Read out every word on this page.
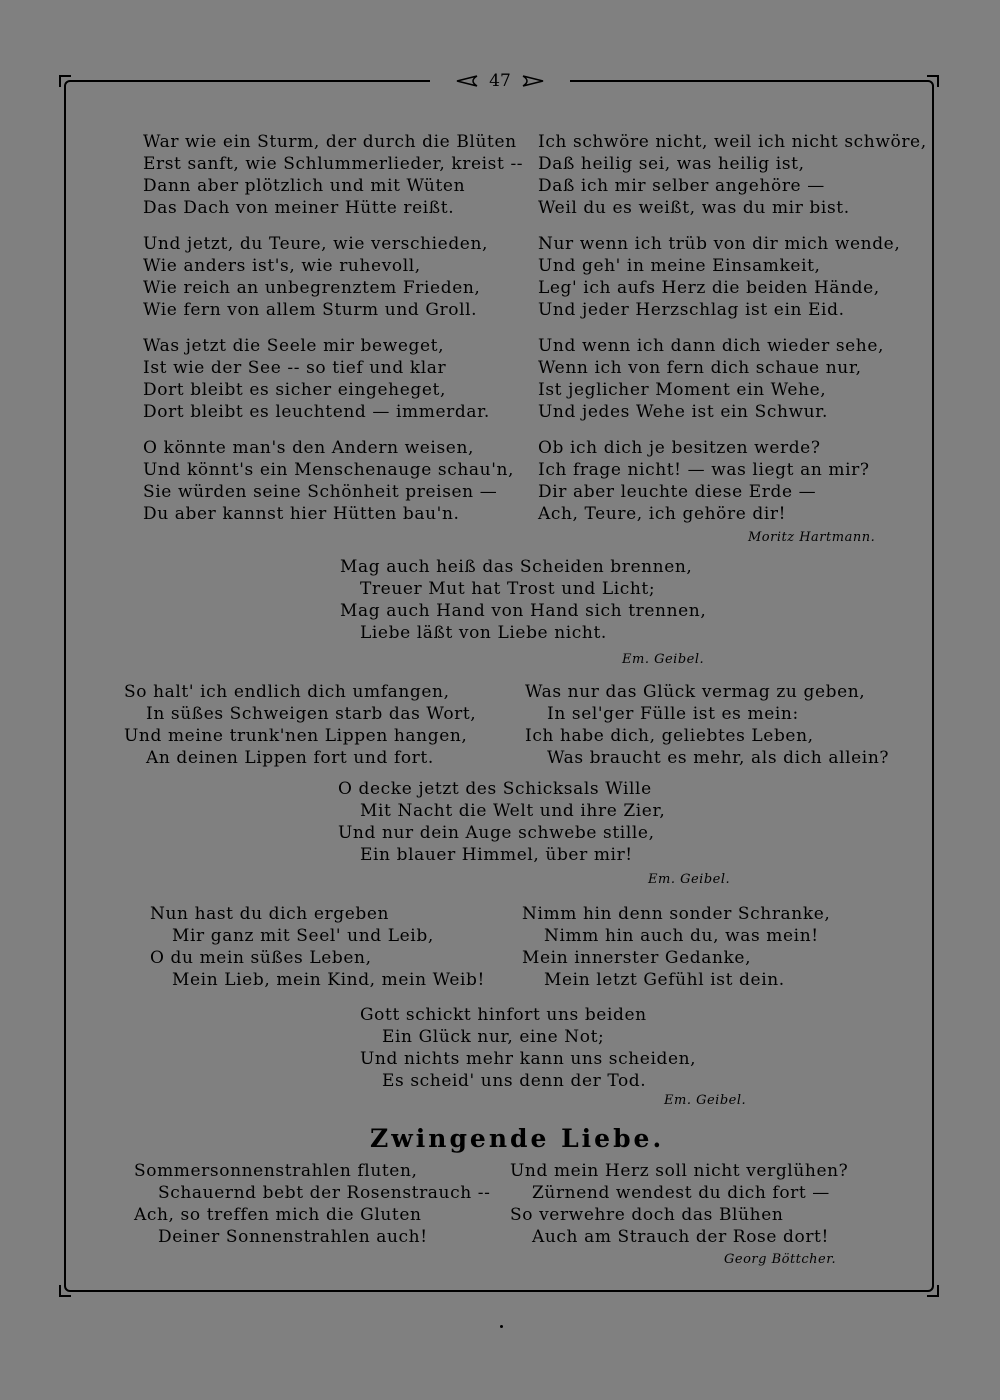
47
War wie ein Sturm, der durch die Blüten
Erst sanft, wie Schlummerlieder, kreist --
Dann aber plötzlich und mit Wüten
Das Dach von meiner Hütte reißt.
Und jetzt, du Teure, wie verschieden,
Wie anders ist's, wie ruhevoll,
Wie reich an unbegrenztem Frieden,
Wie fern von allem Sturm und Groll.
Was jetzt die Seele mir beweget,
Ist wie der See -- so tief und klar
Dort bleibt es sicher eingeheget,
Dort bleibt es leuchtend — immerdar.
O könnte man's den Andern weisen,
Und könnt's ein Menschenauge schau'n,
Sie würden seine Schönheit preisen —
Du aber kannst hier Hütten bau'n.
Ich schwöre nicht, weil ich nicht schwöre,
Daß heilig sei, was heilig ist,
Daß ich mir selber angehöre —
Weil du es weißt, was du mir bist.
Nur wenn ich trüb von dir mich wende,
Und geh' in meine Einsamkeit,
Leg' ich aufs Herz die beiden Hände,
Und jeder Herzschlag ist ein Eid.
Und wenn ich dann dich wieder sehe,
Wenn ich von fern dich schaue nur,
Ist jeglicher Moment ein Wehe,
Und jedes Wehe ist ein Schwur.
Ob ich dich je besitzen werde?
Ich frage nicht! — was liegt an mir?
Dir aber leuchte diese Erde —
Ach, Teure, ich gehöre dir!
Moritz Hartmann.
Mag auch heiß das Scheiden brennen,
Treuer Mut hat Trost und Licht;
Mag auch Hand von Hand sich trennen,
Liebe läßt von Liebe nicht.
Em. Geibel.
So halt' ich endlich dich umfangen,
In süßes Schweigen starb das Wort,
Und meine trunk'nen Lippen hangen,
An deinen Lippen fort und fort.
Was nur das Glück vermag zu geben,
In sel'ger Fülle ist es mein:
Ich habe dich, geliebtes Leben,
Was braucht es mehr, als dich allein?
O decke jetzt des Schicksals Wille
Mit Nacht die Welt und ihre Zier,
Und nur dein Auge schwebe stille,
Ein blauer Himmel, über mir!
Em. Geibel.
Nun hast du dich ergeben
Mir ganz mit Seel' und Leib,
O du mein süßes Leben,
Mein Lieb, mein Kind, mein Weib!
Nimm hin denn sonder Schranke,
Nimm hin auch du, was mein!
Mein innerster Gedanke,
Mein letzt Gefühl ist dein.
Gott schickt hinfort uns beiden
Ein Glück nur, eine Not;
Und nichts mehr kann uns scheiden,
Es scheid' uns denn der Tod.
Em. Geibel.
Zwingende Liebe.
Sommersonnenstrahlen fluten,
Schauernd bebt der Rosenstrauch --
Ach, so treffen mich die Gluten
Deiner Sonnenstrahlen auch!
Und mein Herz soll nicht verglühen?
Zürnend wendest du dich fort —
So verwehre doch das Blühen
Auch am Strauch der Rose dort!
Georg Böttcher.
